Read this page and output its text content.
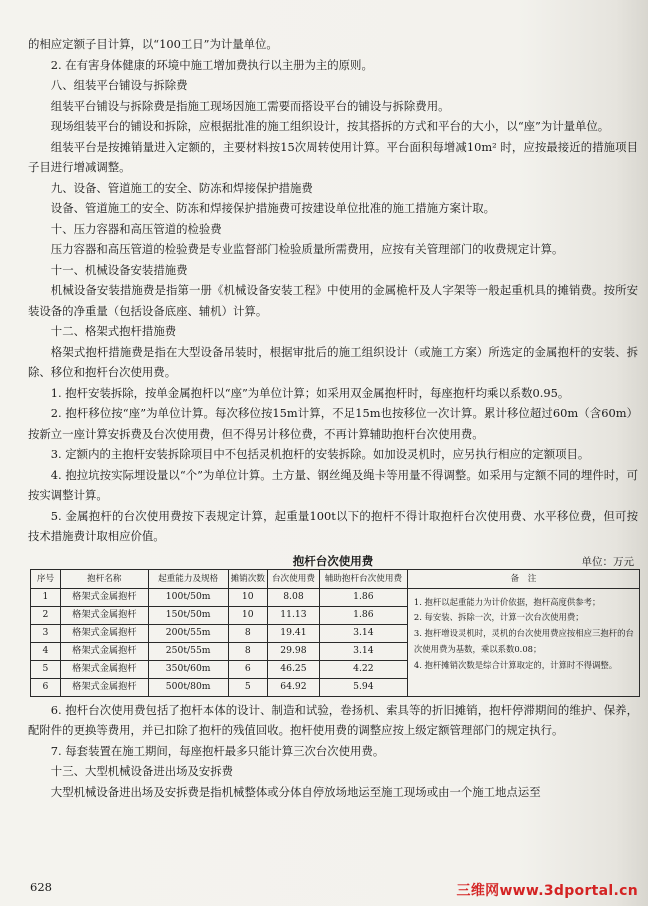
的相应定额子目计算，以“100工日”为计量单位。

2. 在有害身体健康的环境中施工增加费执行以主册为主的原则。

八、组装平台铺设与拆除费

组装平台铺设与拆除费是指施工现场因施工需要而搭设平台的铺设与拆除费用。

现场组装平台的铺设和拆除，应根据批准的施工组织设计，按其搭拆的方式和平台的大小，以“座”为计量单位。

组装平台是按摊销量进入定额的，主要材料按15次周转使用计算。平台面积每增减10m² 时，应按最接近的措施项目子目进行增减调整。

九、设备、管道施工的安全、防冻和焊接保护措施费

设备、管道施工的安全、防冻和焊接保护措施费可按建设单位批准的施工措施方案计取。

十、压力容器和高压管道的检验费

压力容器和高压管道的检验费是专业监督部门检验质量所需费用，应按有关管理部门的收费规定计算。

十一、机械设备安装措施费

机械设备安装措施费是指第一册《机械设备安装工程》中使用的金属桅杆及人字架等一般起重机具的摊销费。按所安装设备的净重量（包括设备底座、辅机）计算。

十二、格架式抱杆措施费

格架式抱杆措施费是指在大型设备吊装时，根据审批后的施工组织设计（或施工方案）所选定的金属抱杆的安装、拆除、移位和抱杆台次使用费。

1. 抱杆安装拆除，按单金属抱杆以“座”为单位计算；如采用双金属抱杆时，每座抱杆均乘以系数0.95。

2. 抱杆移位按“座”为单位计算。每次移位按15m计算，不足15m也按移位一次计算。累计移位超过60m（含60m）按新立一座计算安拆费及台次使用费，但不得另计移位费，不再计算辅助抱杆台次使用费。

3. 定额内的主抱杆安装拆除项目中不包括灵机抱杆的安装拆除。如加设灵机时，应另执行相应的定额项目。

4. 抱拉坑按实际埋设量以“个”为单位计算。土方量、钢丝绳及绳卡等用量不得调整。如采用与定额不同的埋件时，可按实调整计算。

5. 金属抱杆的台次使用费按下表规定计算，起重量100t以下的抱杆不得计取抱杆台次使用费、水平移位费，但可按技术措施费计取相应价值。

抱杆台次使用费	单位：万元
序号	抱杆名称	起重能力及规格	摊销次数	台次使用费	辅助抱杆台次使用费	备　注
1	格架式金属抱杆	100t/50m	10	8.08	1.86	1. 抱杆以起重能力为计价依据，抱杆高度供参考；
2. 每安装、拆除一次，计算一次台次使用费；
3. 抱杆增设灵机时，灵机的台次使用费应按相应三抱杆的台次使用费为基数，乘以系数0.08；
4. 抱杆摊销次数是综合计算取定的，计算时不得调整。

2	格架式金属抱杆	150t/50m	10	11.13	1.86	
3	格架式金属抱杆	200t/55m	8	19.41	3.14	
4	格架式金属抱杆	250t/55m	8	29.98	3.14	
5	格架式金属抱杆	350t/60m	6	46.25	4.22	
6	格架式金属抱杆	500t/80m	5	64.92	5.94	

6. 抱杆台次使用费包括了抱杆本体的设计、制造和试验，卷扬机、索具等的折旧摊销，抱杆停滞期间的维护、保养，配附件的更换等费用，并已扣除了抱杆的残值回收。抱杆使用费的调整应按上级定额管理部门的规定执行。

7. 每套装置在施工期间，每座抱杆最多只能计算三次台次使用费。

十三、大型机械设备进出场及安拆费

大型机械设备进出场及安拆费是指机械整体或分体自停放场地运至施工现场或由一个施工地点运至

628	三维网www.3dportal.cn
